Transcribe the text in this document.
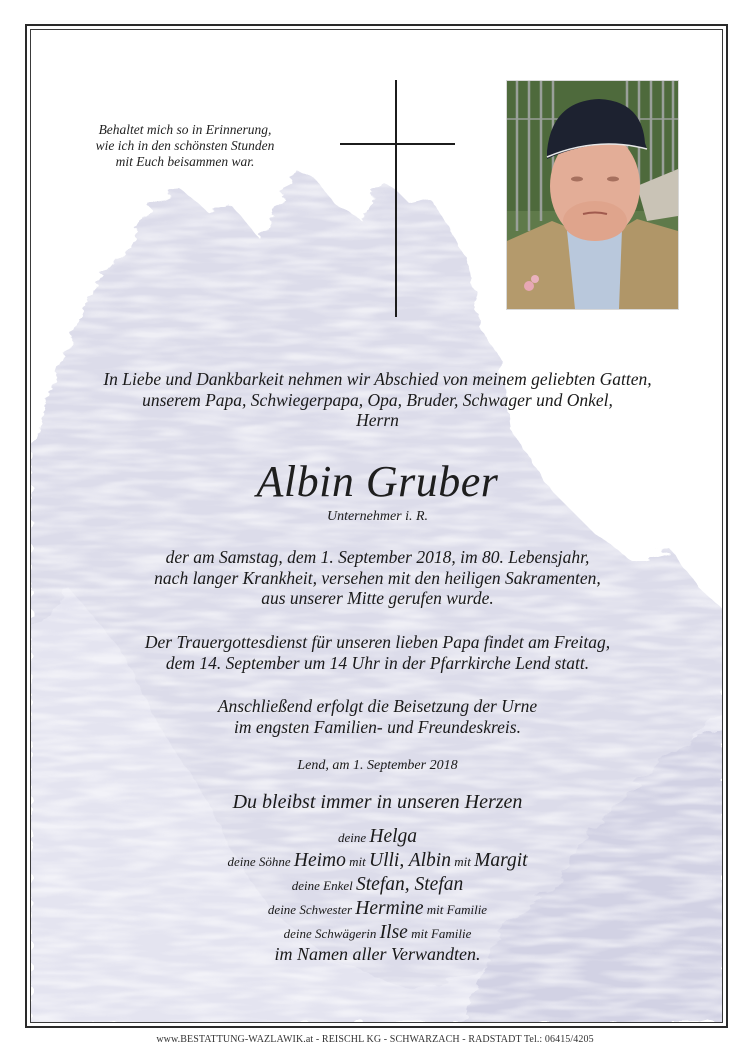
Behaltet mich so in Erinnerung,
wie ich in den schönsten Stunden
mit Euch beisammen war.
In Liebe und Dankbarkeit nehmen wir Abschied von meinem geliebten Gatten,
unserem Papa, Schwiegerpapa, Opa, Bruder, Schwager und Onkel,
Herrn
Albin Gruber
Unternehmer i. R.
der am Samstag, dem 1. September 2018, im 80. Lebensjahr,
nach langer Krankheit, versehen mit den heiligen Sakramenten,
aus unserer Mitte gerufen wurde.
Der Trauergottesdienst für unseren lieben Papa findet am Freitag,
dem 14. September um 14 Uhr in der Pfarrkirche Lend statt.
Anschließend erfolgt die Beisetzung der Urne
im engsten Familien- und Freundeskreis.
Lend, am 1. September 2018
Du bleibst immer in unseren Herzen
deine Helga
deine Söhne Heimo mit Ulli, Albin mit Margit
deine Enkel Stefan, Stefan
deine Schwester Hermine mit Familie
deine Schwägerin Ilse mit Familie
im Namen aller Verwandten.
www.BESTATTUNG-WAZLAWIK.at - REISCHL KG - SCHWARZACH - RADSTADT Tel.: 06415/4205
